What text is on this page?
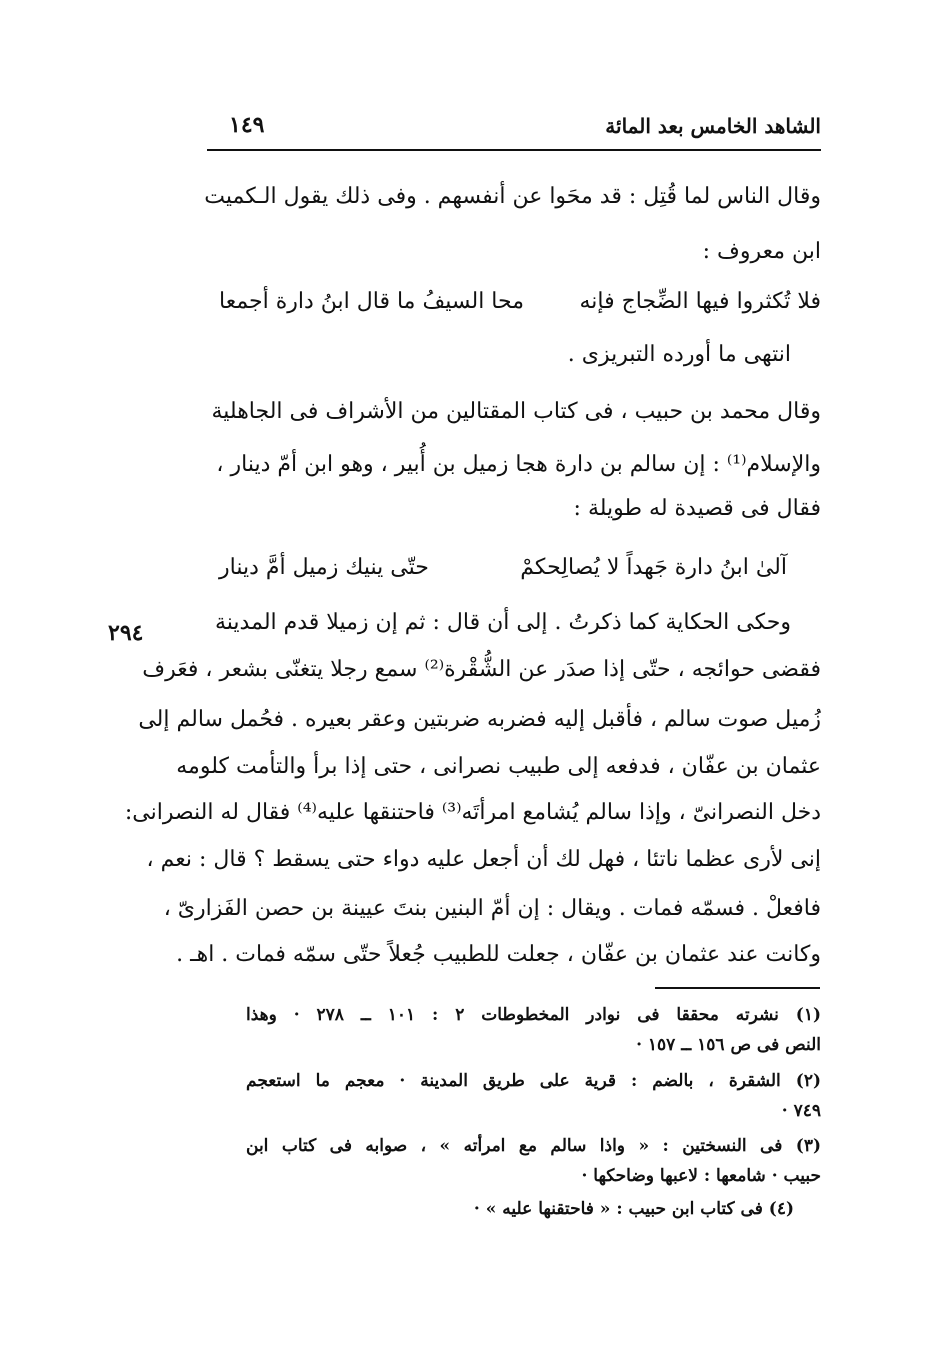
الشاهد الخامس بعد المائة
١٤٩
٢٩٤
وقال الناس لما قُتِل : قد محَوا عن أنفسهم . وفى ذلك يقول الـكميت
ابن معروف :
فلا تُكثروا فيها الضِّجاج فإنه
محا السيفُ ما قال ابنُ دارة أجمعا
انتهى ما أورده التبريزى .
وقال محمد بن حبيب ، فى كتاب المقتالين من الأشراف فى الجاهلية
والإسلام⁽¹⁾ : إن سالم بن دارة هجا زميل بن أُبير ، وهو ابن أمّ دينار ،
فقال فى قصيدة له طويلة :
آلىٰ ابنُ دارة جَهداً لا يُصالِحكمْ
حتّى ينيك زميل أمَّ دينار
وحكى الحكاية كما ذكرتُ . إلى أن قال : ثم إن زميلا قدم المدينة
فقضى حوائجه ، حتّى إذا صدَر عن الشُّقْرة⁽²⁾ سمع رجلا يتغنّى بشعر ، فعَرف
زُميل صوت سالم ، فأقبل إليه فضربه ضربتين وعقر بعيره . فحُمل سالم إلى
عثمان بن عفّان ، فدفعه إلى طبيب نصرانى ، حتى إذا برأ والتأمت كلومه
دخل النصرانىّ ، وإذا سالم يُشامع امرأتَه⁽³⁾ فاحتنقها عليه⁽⁴⁾ فقال له النصرانى:
إنى لأرى عظما ناتئا ، فهل لك أن أجعل عليه دواء حتى يسقط ؟ قال : نعم ،
فافعلْ . فسمّه فمات . ويقال : إن أمّ البنين بنتَ عيينة بن حصن الفَزارىّ ،
وكانت عند عثمان بن عفّان ، جعلت للطبيب جُعلاً حتّى سمّه فمات . اهـ .
(١) نشرته محققا فى نوادر المخطوطات ٢ : ١٠١ ــ ٢٧٨ · وهذا
النص فى ص ١٥٦ ــ ١٥٧ ·
(٢) الشقرة ، بالضم : قرية على طريق المدينة · معجم ما استعجم
٧٤٩ ·
(٣) فى النسختين : « واذا سالم مع امرأته » ، صوابه فى كتاب ابن
حبيب · شامعها : لاعبها وضاحكها ·
(٤) فى كتاب ابن حبيب : « فاحتقنها عليه » ·
